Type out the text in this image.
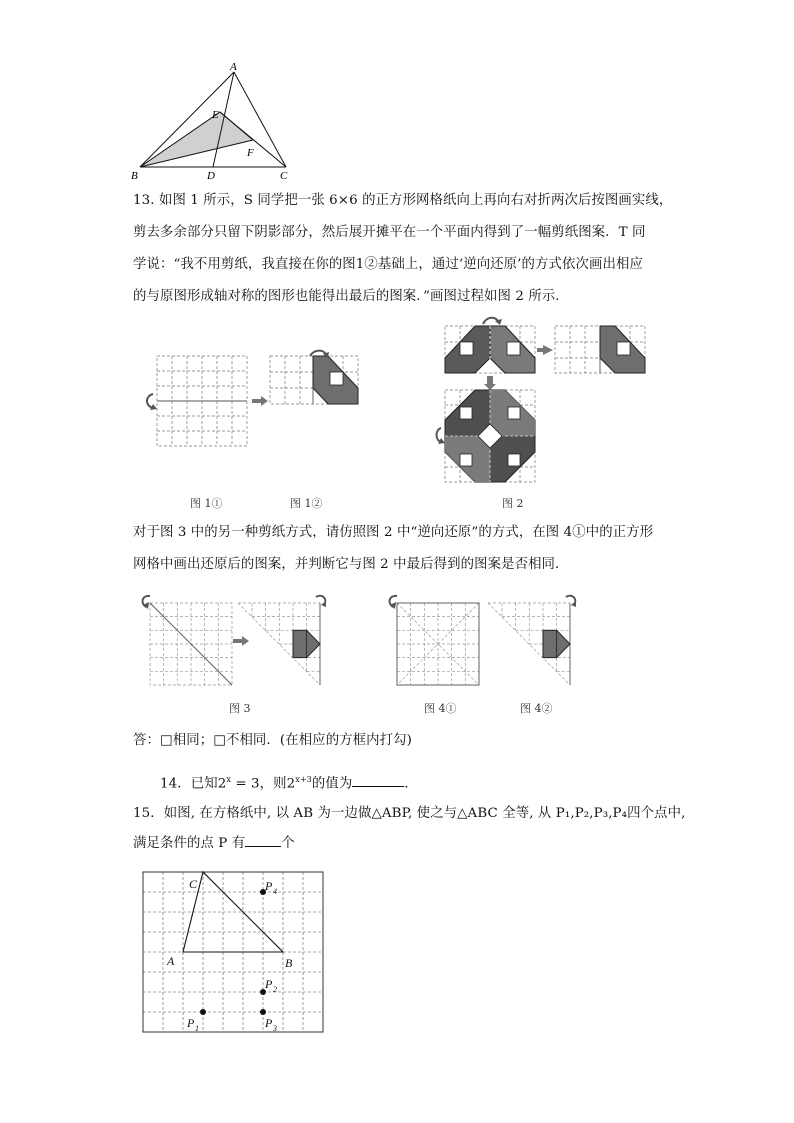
A
B	C
D
E
F
13. 如图 1 所示，S 同学把一张 6×6 的正方形网格纸向上再向右对折两次后按图画实线，
剪去多余部分只留下阴影部分，然后展开摊平在一个平面内得到了一幅剪纸图案．T 同
学说：“我不用剪纸，我直接在你的图1②基础上，通过‘逆向还原’的方式依次画出相应
的与原图形成轴对称的图形也能得出最后的图案．”画图过程如图 2 所示．
图 1①	图 1②	图 2
对于图 3 中的另一种剪纸方式，请仿照图 2 中“逆向还原”的方式，在图 4①中的正方形
网格中画出还原后的图案，并判断它与图 2 中最后得到的图案是否相同．
图 3	图 4①	图 4②
答：□相同；□不相同．(在相应的方框内打勾)
14．已知$2^x = 3$，则$2^{x+3}$的值为	．
15．如图, 在方格纸中, 以 AB 为一边做△ABP, 使之与△ABC 全等, 从 P₁,P₂,P₃,P₄四个点中,
满足条件的点 P 有	个
C
A	B
P 4
P 2
P 1	P 3
